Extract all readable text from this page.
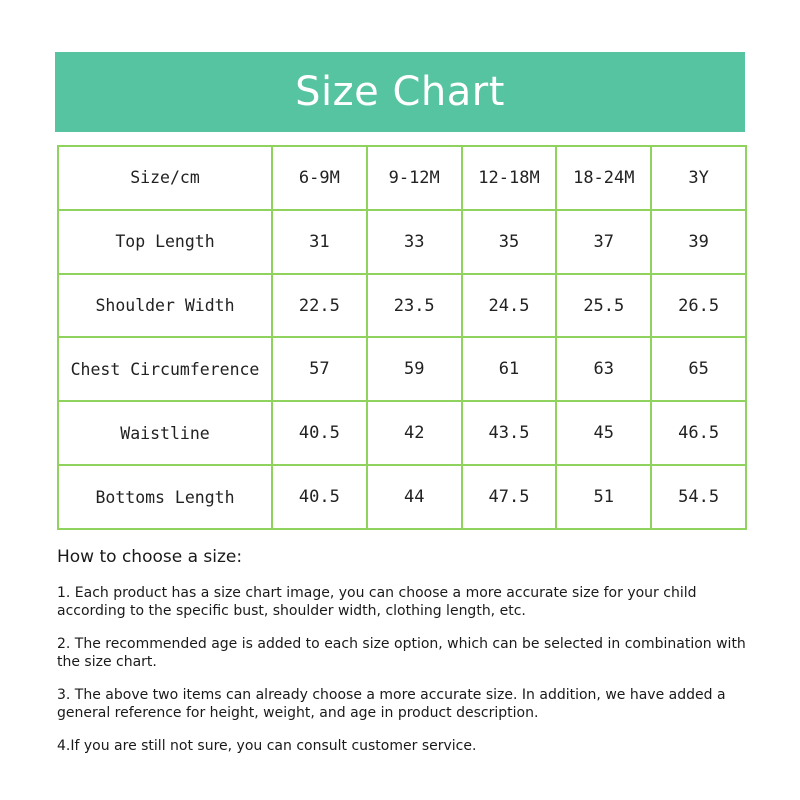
Size Chart
Size/cm	6-9M	9-12M	12-18M	18-24M	3Y
Top Length	31	33	35	37	39
Shoulder Width	22.5	23.5	24.5	25.5	26.5
Chest Circumference	57	59	61	63	65
Waistline	40.5	42	43.5	45	46.5
Bottoms Length	40.5	44	47.5	51	54.5

How to choose a size:

1. Each product has a size chart image, you can choose a more accurate size for your child according to the specific bust, shoulder width, clothing length, etc.

2. The recommended age is added to each size option, which can be selected in combination with the size chart.

3. The above two items can already choose a more accurate size. In addition, we have added a general reference for height, weight, and age in product description.

4.If you are still not sure, you can consult customer service.
